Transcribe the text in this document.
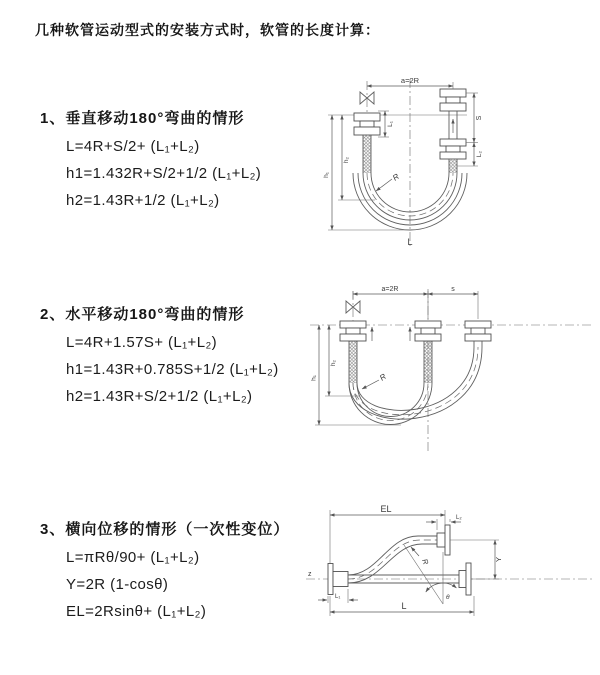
几种软管运动型式的安装方式时，软管的长度计算：
1、垂直移动180°弯曲的情形
L=4R+S/2+ (L₁+L₂)
h1=1.432R+S/2+1/2 (L₁+L₂)
h2=1.43R+1/2 (L₁+L₂)
2、水平移动180°弯曲的情形
L=4R+1.57S+ (L₁+L₂)
h1=1.43R+0.785S+1/2 (L₁+L₂)
h2=1.43R+S/2+1/2 (L₁+L₂)
3、横向位移的情形（一次性变位）
L=πRθ/90+ (L₁+L₂)
Y=2R (1-cosθ)
EL=2Rsinθ+ (L₁+L₂)
a=2R
S
L₂
L₁
h₁
h₂
R
L
a=2R	s
h₁
h₂
R
z
EL
L₂
Y
L
L₁
R
θ
